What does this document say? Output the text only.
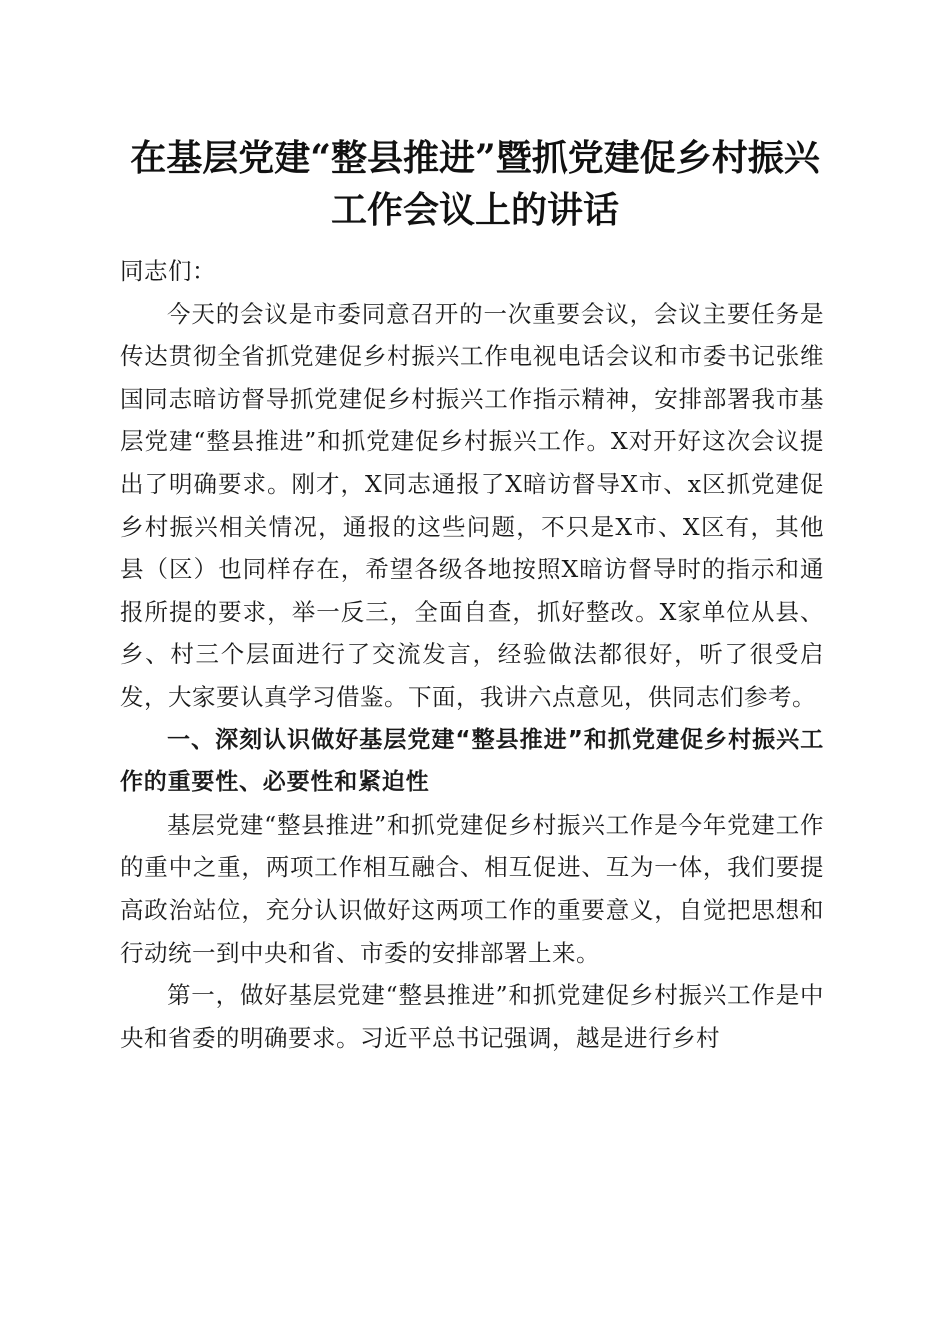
在基层党建“整县推进”暨抓党建促乡村振兴
工作会议上的讲话

同志们：

今天的会议是市委同意召开的一次重要会议，会议主要任务是传达贯彻全省抓党建促乡村振兴工作电视电话会议和市委书记张维国同志暗访督导抓党建促乡村振兴工作指示精神，安排部署我市基层党建“整县推进”和抓党建促乡村振兴工作。X对开好这次会议提出了明确要求。刚才，X同志通报了X暗访督导X市、x区抓党建促乡村振兴相关情况，通报的这些问题，不只是X市、X区有，其他县（区）也同样存在，希望各级各地按照X暗访督导时的指示和通报所提的要求，举一反三，全面自查，抓好整改。X家单位从县、乡、村三个层面进行了交流发言，经验做法都很好，听了很受启发，大家要认真学习借鉴。下面，我讲六点意见，供同志们参考。

一、深刻认识做好基层党建“整县推进”和抓党建促乡村振兴工作的重要性、必要性和紧迫性

基层党建“整县推进”和抓党建促乡村振兴工作是今年党建工作的重中之重，两项工作相互融合、相互促进、互为一体，我们要提高政治站位，充分认识做好这两项工作的重要意义，自觉把思想和行动统一到中央和省、市委的安排部署上来。

第一，做好基层党建“整县推进”和抓党建促乡村振兴工作是中央和省委的明确要求。习近平总书记强调，越是进行乡村
